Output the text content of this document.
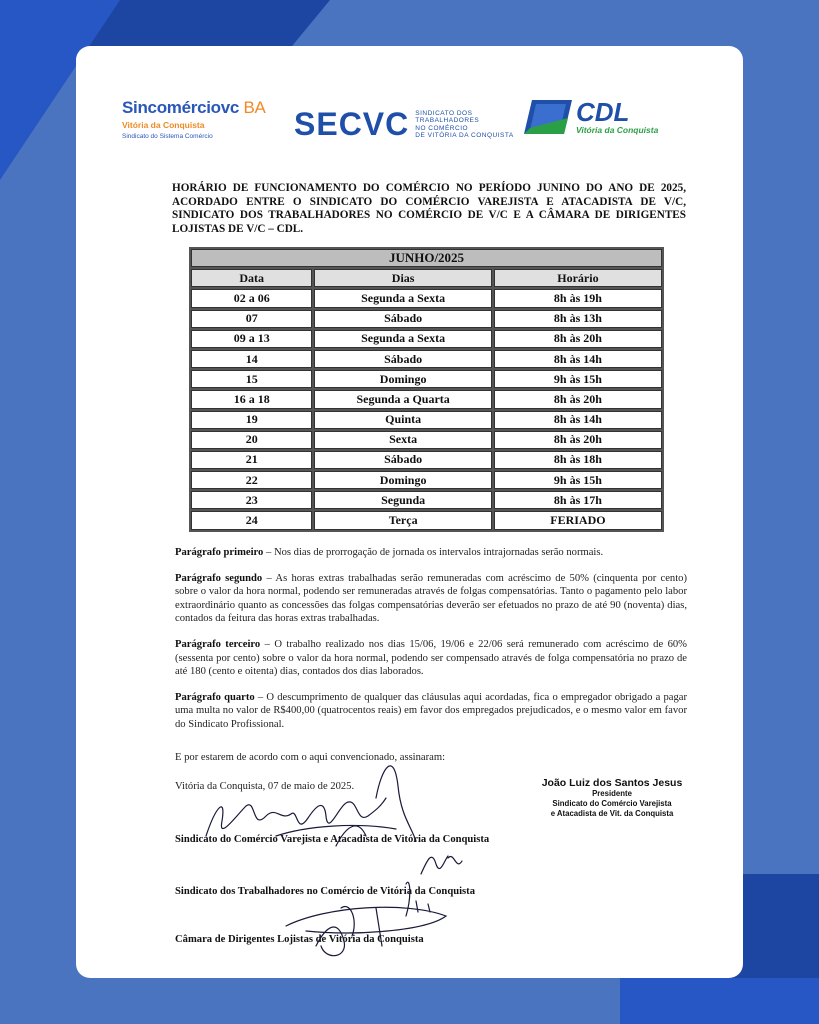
Sincomérciovc BA
Vitória da Conquista
Sindicato do Sistema Comércio	SECVC SINDICATO DOS
TRABALHADORES
NO COMÉRCIO
DE VITÓRIA DA CONQUISTA
CDL
Vitória da Conquista
HORÁRIO DE FUNCIONAMENTO DO COMÉRCIO NO PERÍODO JUNINO DO ANO DE 2025, ACORDADO ENTRE O SINDICATO DO COMÉRCIO VAREJISTA E ATACADISTA DE V/C, SINDICATO DOS TRABALHADORES NO COMÉRCIO DE V/C E A CÂMARA DE DIRIGENTES LOJISTAS DE V/C – CDL.
JUNHO/2025		
Data	Dias	Horário
02 a 06	Segunda a Sexta	8h às 19h
07	Sábado	8h às 13h
09 a 13	Segunda a Sexta	8h às 20h
14	Sábado	8h às 14h
15	Domingo	9h às 15h
16 a 18	Segunda a Quarta	8h às 20h
19	Quinta	8h às 14h
20	Sexta	8h às 20h
21	Sábado	8h às 18h
22	Domingo	9h às 15h
23	Segunda	8h às 17h
24	Terça	FERIADO

Parágrafo primeiro – Nos dias de prorrogação de jornada os intervalos intrajornadas serão normais.

Parágrafo segundo – As horas extras trabalhadas serão remuneradas com acréscimo de 50% (cinquenta por cento) sobre o valor da hora normal, podendo ser remuneradas através de folgas compensatórias. Tanto o pagamento pelo labor extraordinário quanto as concessões das folgas compensatórias deverão ser efetuados no prazo de até 90 (noventa) dias, contados da feitura das horas extras trabalhadas.

Parágrafo terceiro – O trabalho realizado nos dias 15/06, 19/06 e 22/06 será remunerado com acréscimo de 60% (sessenta por cento) sobre o valor da hora normal, podendo ser compensado através de folga compensatória no prazo de até 180 (cento e oitenta) dias, contados dos dias laborados.

Parágrafo quarto – O descumprimento de qualquer das cláusulas aqui acordadas, fica o empregador obrigado a pagar uma multa no valor de R$400,00 (quatrocentos reais) em favor dos empregados prejudicados, e o mesmo valor em favor do Sindicato Profissional.

E por estarem de acordo com o aqui convencionado, assinaram:
Vitória da Conquista, 07 de maio de 2025.	João Luiz dos Santos Jesus
Presidente
Sindicato do Comércio Varejista
e Atacadista de Vit. da Conquista
Sindicato do Comércio Varejista e Atacadista de Vitória da Conquista
Sindicato dos Trabalhadores no Comércio de Vitória da Conquista
Câmara de Dirigentes Lojistas de Vitória da Conquista
